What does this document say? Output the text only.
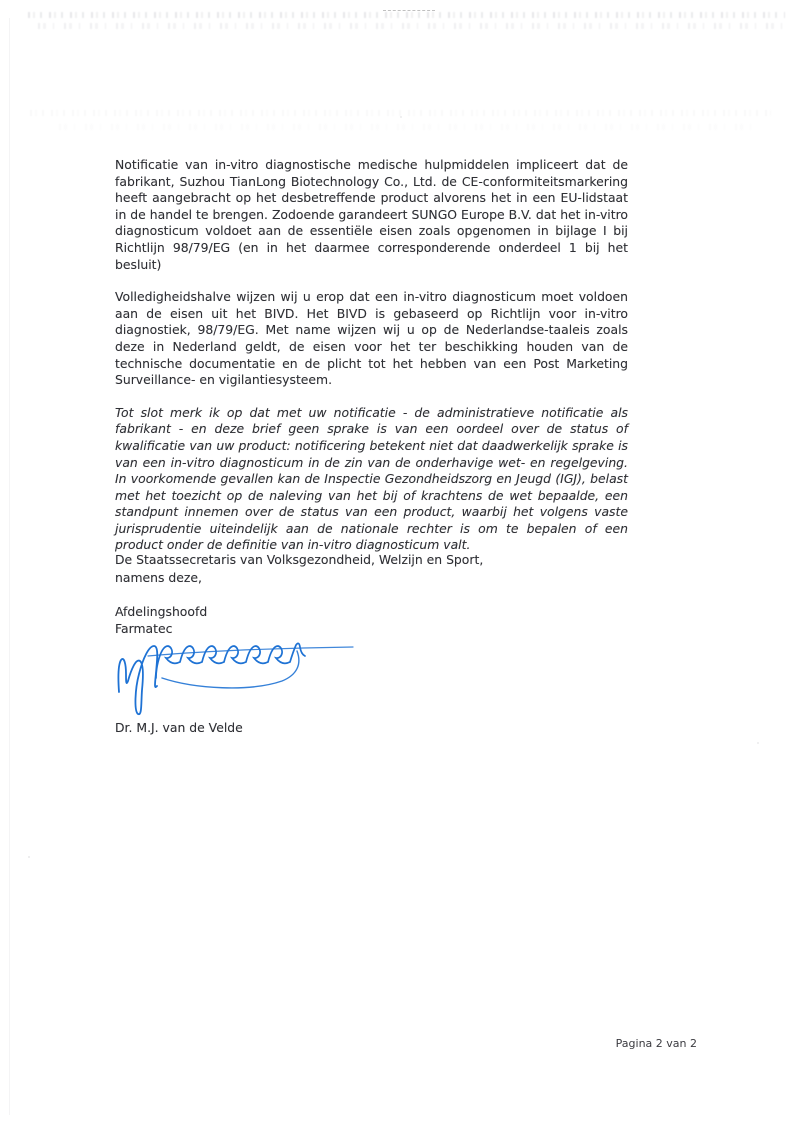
Notificatie van in-vitro diagnostische medische hulpmiddelen impliceert dat de fabrikant, Suzhou TianLong Biotechnology Co., Ltd. de CE-conformiteitsmarkering heeft aangebracht op het desbetreffende product alvorens het in een EU-lidstaat in de handel te brengen. Zodoende garandeert SUNGO Europe B.V. dat het in-vitro diagnosticum voldoet aan de essentiële eisen zoals opgenomen in bijlage I bij Richtlijn 98/79/EG (en in het daarmee corresponderende onderdeel 1 bij het besluit)

Volledigheidshalve wijzen wij u erop dat een in-vitro diagnosticum moet voldoen aan de eisen uit het BIVD. Het BIVD is gebaseerd op Richtlijn voor in-vitro diagnostiek, 98/79/EG. Met name wijzen wij u op de Nederlandse-taaleis zoals deze in Nederland geldt, de eisen voor het ter beschikking houden van de technische documentatie en de plicht tot het hebben van een Post Marketing Surveillance- en vigilantiesysteem.

Tot slot merk ik op dat met uw notificatie - de administratieve notificatie als fabrikant - en deze brief geen sprake is van een oordeel over de status of kwalificatie van uw product: notificering betekent niet dat daadwerkelijk sprake is van een in-vitro diagnosticum in de zin van de onderhavige wet- en regelgeving. In voorkomende gevallen kan de Inspectie Gezondheidszorg en Jeugd (IGJ), belast met het toezicht op de naleving van het bij of krachtens de wet bepaalde, een standpunt innemen over de status van een product, waarbij het volgens vaste jurisprudentie uiteindelijk aan de nationale rechter is om te bepalen of een product onder de definitie van in-vitro diagnosticum valt.

De Staatssecretaris van Volksgezondheid, Welzijn en Sport,
namens deze,
Afdelingshoofd
Farmatec
Dr. M.J. van de Velde
Pagina 2 van 2
